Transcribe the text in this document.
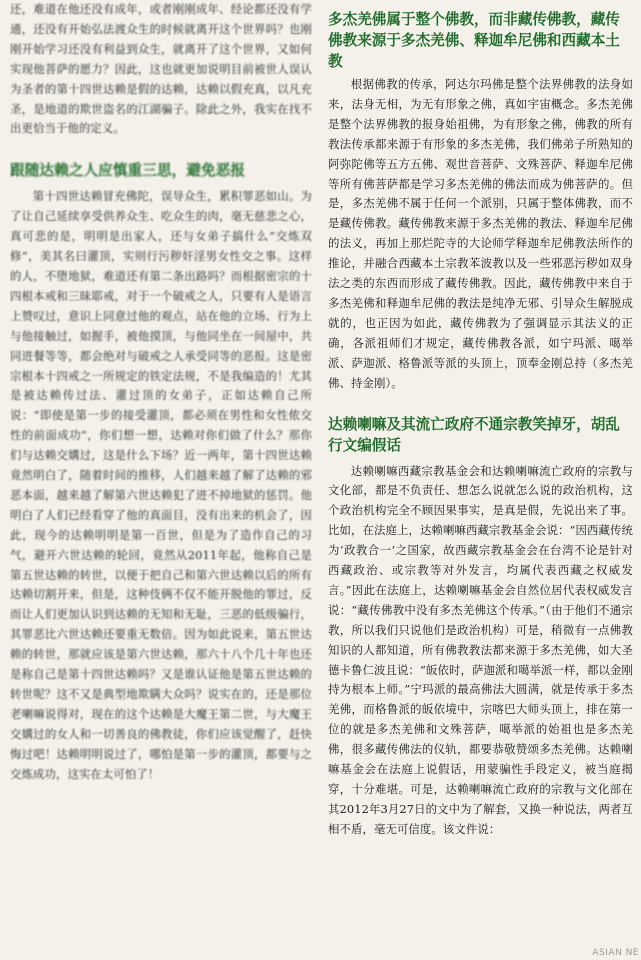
还，难道在他还没有成年，或者刚刚成年、经论都还没有学通，还没有开始弘法渡众生的时候就离开这个世界吗？也刚刚开始学习还没有利益到众生，就离开了这个世界，又如何实现他菩萨的愿力？因此，这也就更加说明目前被世人误认为圣者的第十四世达赖是假的达赖，达赖以假充真，以凡充圣，是地道的欺世盗名的江湖骗子。除此之外，我实在找不出更恰当于他的定义。

跟随达赖之人应慎重三思，避免恶报

第十四世达赖冒充佛陀，误导众生，累积罪恶如山。为了让自己延续享受供养众生、吃众生的肉，毫无慈悲之心，真可悲的是，明明是出家人，还与女弟子搞什么“交炼双修”，美其名曰灌顶，实则行污秽奸淫男女性交之事。这样的人，不堕地狱，难道还有第二条出路吗？而根据密宗的十四根本戒和三昧耶戒，对于一个破戒之人，只要有人是语言上赞叹过，意识上同意过他的观点，站在他的立场、行为上与他接触过，如握手，被他摸顶，与他同坐在一间屋中，共同进餐等等，都会绝对与破戒之人承受同等的恶报。这是密宗根本十四戒之一所规定的铁定法规，不是我编造的！尤其是被达赖传过法、灌过顶的女弟子，正如达赖自己所说：“即使是第一步的接受灌顶，都必须在男性和女性侬交性的前面成功”，你们想一想，达赖对你们做了什么？那你们与达赖交媾过，这是什么下场？近一两年，第十四世达赖竟然明白了，随着时间的推移，人们越来越了解了达赖的邪恶本面，越来越了解第六世达赖犯了进不掉地狱的惩罚。他明白了人们已经看穿了他的真面目，没有出来的机会了，因此，现今的达赖明明是第一百世，但是为了造作自己的习气，避开六世达赖的轮回，竟然从2011年起，他称自己是第五世达赖的转世，以便于把自己和第六世达赖以后的所有达赖切割开来，但是，这种伎俩不仅不能开脱他的罪过，反而让人们更加认识到达赖的无知和无耻，三恶的低级骗行，其罪恶比六世达赖还要重无数倍。因为如此说来，第五世达赖的转世，那就应该是第六世达赖，那六十八个几十年也还是称自己是第十四世达赖吗？又是谁认证他是第五世达赖的转世呢？这不又是典型地欺瞒大众吗？说实在的，还是那位老喇嘛说得对，现在的这个达赖是大魔王第二世，与大魔王交媾过的女人和一切善良的佛教徒，你们应该觉醒了，赶快悔过吧！达赖明明说过了，哪怕是第一步的灌顶，都要与之交炼成功，这实在太可怕了！

多杰羌佛属于整个佛教，而非藏传佛教，藏传佛教来源于多杰羌佛、释迦牟尼佛和西藏本土教

根据佛教的传承，阿达尔玛佛是整个法界佛教的法身如来，法身无相，为无有形象之佛，真如宇宙概念。多杰羌佛是整个法界佛教的报身始祖佛，为有形象之佛，佛教的所有教法传承都来源于有形象的多杰羌佛，我们佛弟子所熟知的阿弥陀佛等五方五佛、观世音菩萨、文殊菩萨、释迦牟尼佛等所有佛菩萨都是学习多杰羌佛的佛法而成为佛菩萨的。但是，多杰羌佛不属于任何一个派别，只属于整体佛教，而不是藏传佛教。藏传佛教来源于多杰羌佛的教法、释迦牟尼佛的法义，再加上那烂陀寺的大论师学释迦牟尼佛教法所作的推论，并融合西藏本土宗教苯波教以及一些邪恶污秽如双身法之类的东西而形成了藏传佛教。因此，藏传佛教中来自于多杰羌佛和释迦牟尼佛的教法是纯净无邪、引导众生解脱成就的，也正因为如此，藏传佛教为了强调显示其法义的正确，各派祖师们才规定，藏传佛教各派，如宁玛派、噶举派、萨迦派、格鲁派等派的头顶上，顶奉金刚总持（多杰羌佛、持金刚）。

达赖喇嘛及其流亡政府不通宗教笑掉牙，胡乱行文编假话

达赖喇嘛西藏宗教基金会和达赖喇嘛流亡政府的宗教与文化部，都是不负责任、想怎么说就怎么说的政治机构，这个政治机构完全不顾因果事实，是真是假，先说出来了事。比如，在法庭上，达赖喇嘛西藏宗教基金会说：“因西藏传统为‘政教合一’之国家，故西藏宗教基金会在台湾不论是针对西藏政治、或宗教等对外发言，均属代表西藏之权威发言。”因此在法庭上，达赖喇嘛基金会自然位居代表权威发言说：“藏传佛教中没有多杰羌佛这个传承。”（由于他们不通宗教，所以我们只说他们是政治机构）可是，稍微有一点佛教知识的人都知道，所有佛教教法都来源于多杰羌佛，如大圣德卡鲁仁波且说：“皈依时，萨迦派和噶举派一样，都以金刚持为根本上师。”宁玛派的最高佛法大圆满，就是传承于多杰羌佛，而格鲁派的皈依境中，宗喀巴大师头顶上，排在第一位的就是多杰羌佛和文殊菩萨，噶举派的始祖也是多杰羌佛，很多藏传佛法的仪轨，都要恭敬赞颂多杰羌佛。达赖喇嘛基金会在法庭上说假话，用蒙骗性手段定义，被当庭揭穿，十分难堪。可是，达赖喇嘛流亡政府的宗教与文化部在其2012年3月27日的文中为了解套，又换一种说法，两者互相不盾，毫无可信度。该文件说：

ASIAN NE
